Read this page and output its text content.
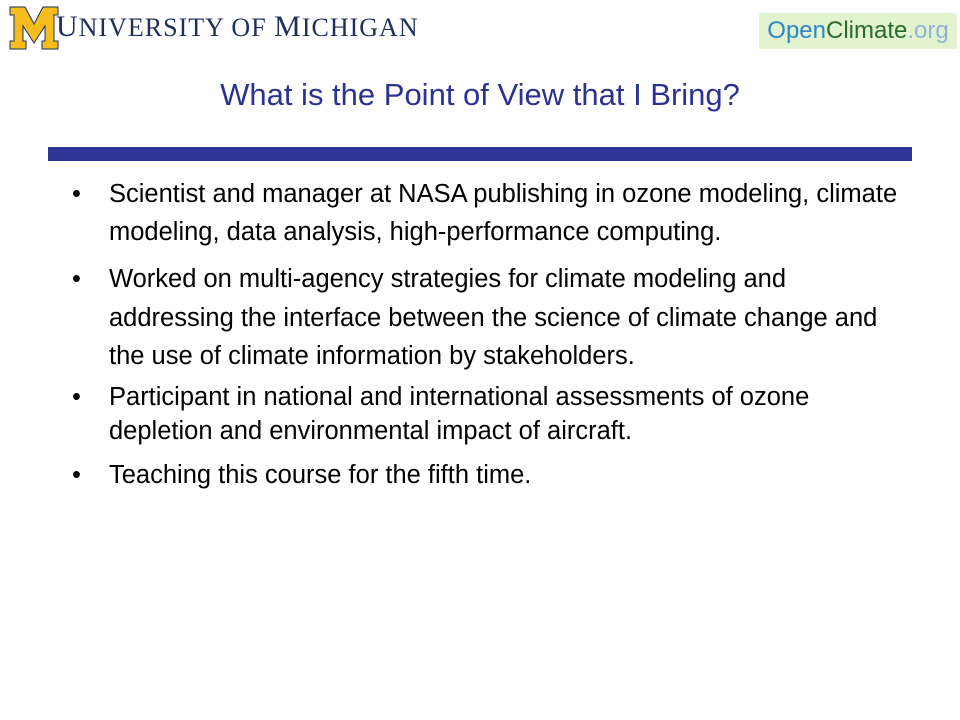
UNIVERSITY OF MICHIGAN	Open Climate .org
What is the Point of View that I Bring?
• Scientist and manager at NASA publishing in ozone modeling, climate modeling, data analysis, high-performance computing.
• Worked on multi-agency strategies for climate modeling and addressing the interface between the science of climate change and the use of climate information by stakeholders.
• Participant in national and international assessments of ozone depletion and environmental impact of aircraft.
• Teaching this course for the fifth time.
